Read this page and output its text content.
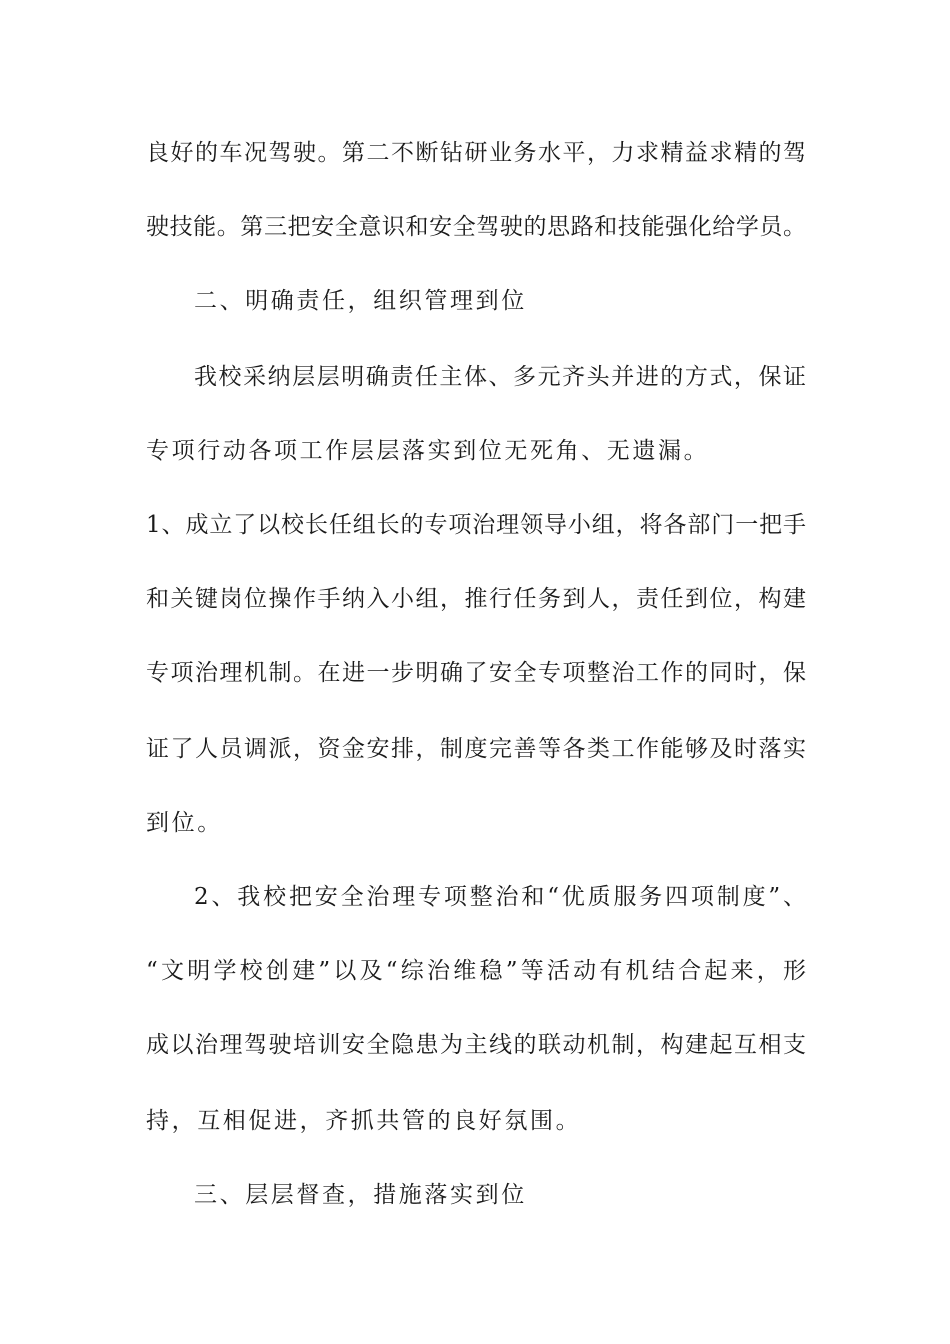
良好的车况驾驶。第二不断钻研业务水平，力求精益求精的驾
驶技能。第三把安全意识和安全驾驶的思路和技能强化给学员。
二、明确责任，组织管理到位
我校采纳层层明确责任主体、多元齐头并进的方式，保证
专项行动各项工作层层落实到位无死角、无遗漏。
1、成立了以校长任组长的专项治理领导小组，将各部门一把手
和关键岗位操作手纳入小组，推行任务到人，责任到位，构建
专项治理机制。在进一步明确了安全专项整治工作的同时，保
证了人员调派，资金安排，制度完善等各类工作能够及时落实
到位。
2、我校把安全治理专项整治和“优质服务四项制度”、
“文明学校创建”以及“综治维稳”等活动有机结合起来，形
成以治理驾驶培训安全隐患为主线的联动机制，构建起互相支
持，互相促进，齐抓共管的良好氛围。
三、层层督查，措施落实到位
